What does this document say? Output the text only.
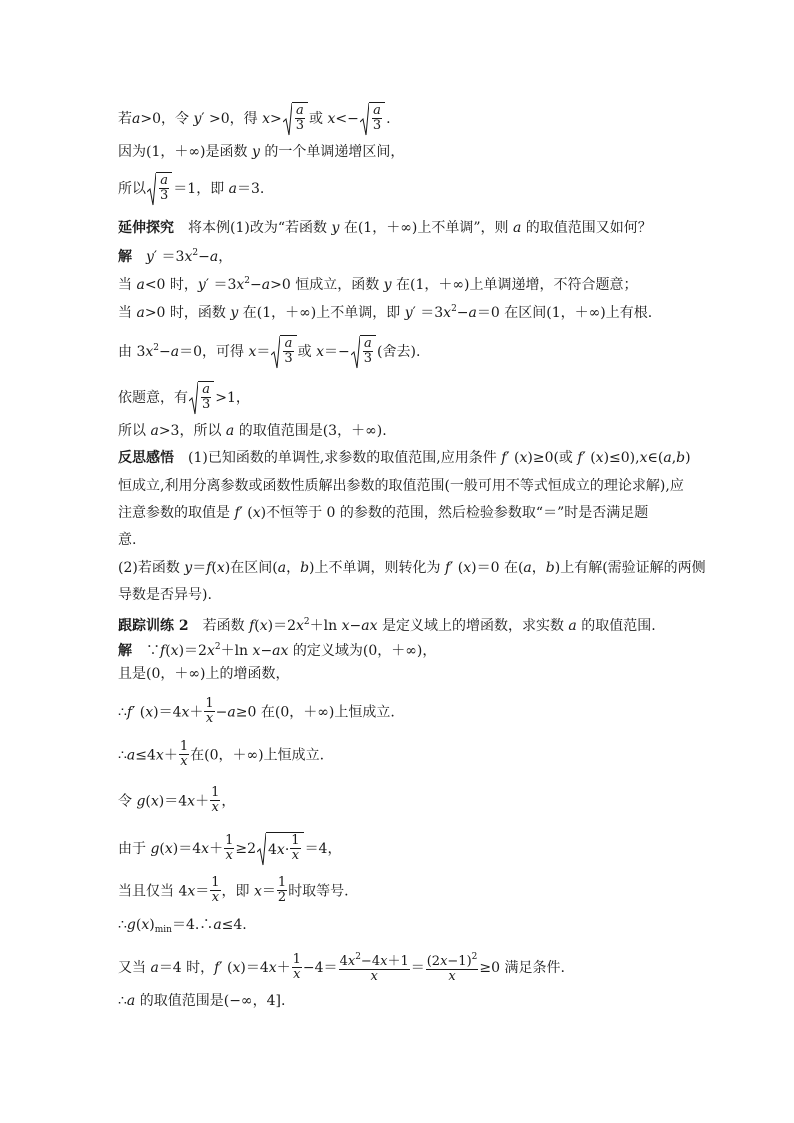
若a>0，令 y′ >0，得 $x> \frac{a}{3}$ 或 $x<- \frac{a}{3}$ .
因为(1，＋∞)是函数 y 的一个单调递增区间，
所以 $\frac{a}{3} =1$，即 a＝3.
延伸探究　将本例(1)改为“若函数 y 在(1，＋∞)上不单调”，则 a 的取值范围又如何？
解　 $y' =3x^2-a$，
当 a<0 时，$y' =3x^2-a>0$ 恒成立，函数 y 在(1，＋∞)上单调递增，不符合题意；
当 a>0 时，函数 y 在(1，＋∞)上不单调，即 $y' =3x^2-a=0$ 在区间(1，＋∞)上有根.
由 $3x^2-a=0$，可得 $x= \frac{a}{3}$ 或 $x=- \frac{a}{3}$ (舍去).
依题意，有 $\frac{a}{3} >1$，
所以 a>3，所以 a 的取值范围是(3，＋∞).
反思感悟　(1)已知函数的单调性,求参数的取值范围,应用条件 f′ (x)≥0(或 f′ (x)≤0),x∈(a,b)
恒成立,利用分离参数或函数性质解出参数的取值范围(一般可用不等式恒成立的理论求解),应
注意参数的取值是 f′ (x)不恒等于 0 的参数的范围，然后检验参数取“＝”时是否满足题
意.
(2)若函数 y＝f(x)在区间(a，b)上不单调，则转化为 f′ (x)＝0 在(a，b)上有解(需验证解的两侧
导数是否异号).
跟踪训练 2　若函数 $f(x)=2x^2+\ln$ x−ax 是定义域上的增函数，求实数 a 的取值范围.
解　$\because f(x)=2x^2+\ln$ x−ax 的定义域为(0，＋∞)，
且是(0，＋∞)上的增函数，
∴f′ $(x)=4x+ \frac{1}{x} -a\ge 0$ 在(0，＋∞)上恒成立.
∴a≤4x＋ $\frac{1}{x}$ 在(0，＋∞)上恒成立.
令 $g(x)=4x+ \frac{1}{x}$ ，
由于 $g(x)=4x+ \frac{1}{x} \ge 2$ 4 $x \cdot \frac{1}{x} =4$，
当且仅当 $4x= \frac{1}{x}$ ，即 $x= \frac{1}{2}$ 时取等号.
$\therefore g(x)_{min}=4.\therefore a\le 4$.
又当 a＝4 时，f′ $(x)=4x+ \frac{1}{x} -4= \frac{4x^2-4x+1}{x} = \frac{(2x-1)^2}{x} \ge 0$ 满足条件.
∴a 的取值范围是(−∞，4].
